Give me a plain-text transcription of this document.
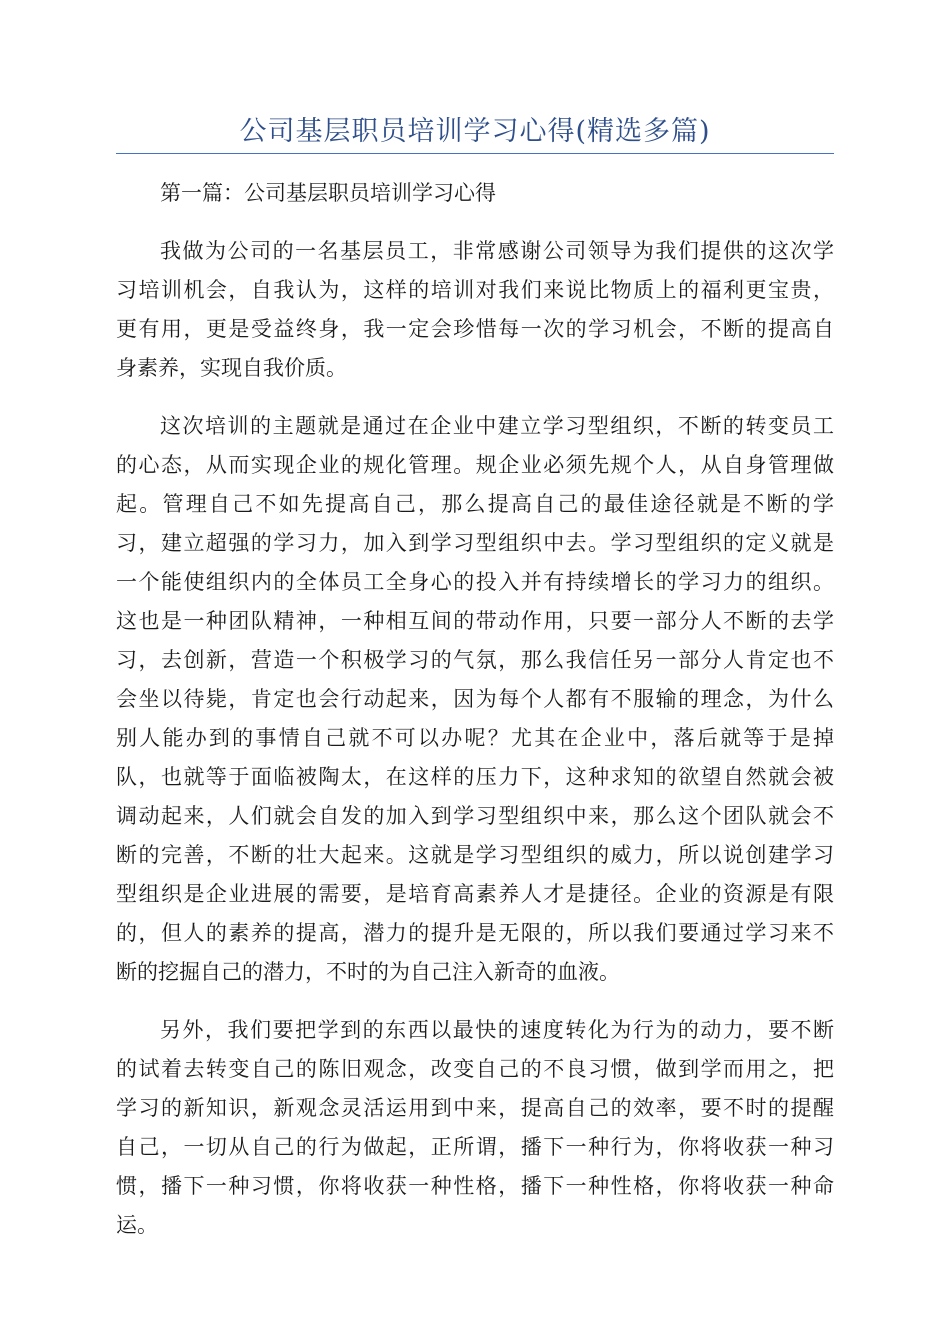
公司基层职员培训学习心得(精选多篇)
第一篇：公司基层职员培训学习心得
我做为公司的一名基层员工，非常感谢公司领导为我们提供的这次学
习培训机会，自我认为，这样的培训对我们来说比物质上的福利更宝贵，
更有用，更是受益终身，我一定会珍惜每一次的学习机会，不断的提高自
身素养，实现自我价质。
这次培训的主题就是通过在企业中建立学习型组织，不断的转变员工
的心态，从而实现企业的规化管理。规企业必须先规个人，从自身管理做
起。管理自己不如先提高自己，那么提高自己的最佳途径就是不断的学
习，建立超强的学习力，加入到学习型组织中去。学习型组织的定义就是
一个能使组织内的全体员工全身心的投入并有持续增长的学习力的组织。
这也是一种团队精神，一种相互间的带动作用，只要一部分人不断的去学
习，去创新，营造一个积极学习的气氛，那么我信任另一部分人肯定也不
会坐以待毙，肯定也会行动起来，因为每个人都有不服输的理念，为什么
别人能办到的事情自己就不可以办呢？尤其在企业中，落后就等于是掉
队，也就等于面临被陶太，在这样的压力下，这种求知的欲望自然就会被
调动起来，人们就会自发的加入到学习型组织中来，那么这个团队就会不
断的完善，不断的壮大起来。这就是学习型组织的威力，所以说创建学习
型组织是企业进展的需要，是培育高素养人才是捷径。企业的资源是有限
的，但人的素养的提高，潜力的提升是无限的，所以我们要通过学习来不
断的挖掘自己的潜力，不时的为自己注入新奇的血液。
另外，我们要把学到的东西以最快的速度转化为行为的动力，要不断
的试着去转变自己的陈旧观念，改变自己的不良习惯，做到学而用之，把
学习的新知识，新观念灵活运用到中来，提高自己的效率，要不时的提醒
自己，一切从自己的行为做起，正所谓，播下一种行为，你将收获一种习
惯，播下一种习惯，你将收获一种性格，播下一种性格，你将收获一种命
运。
